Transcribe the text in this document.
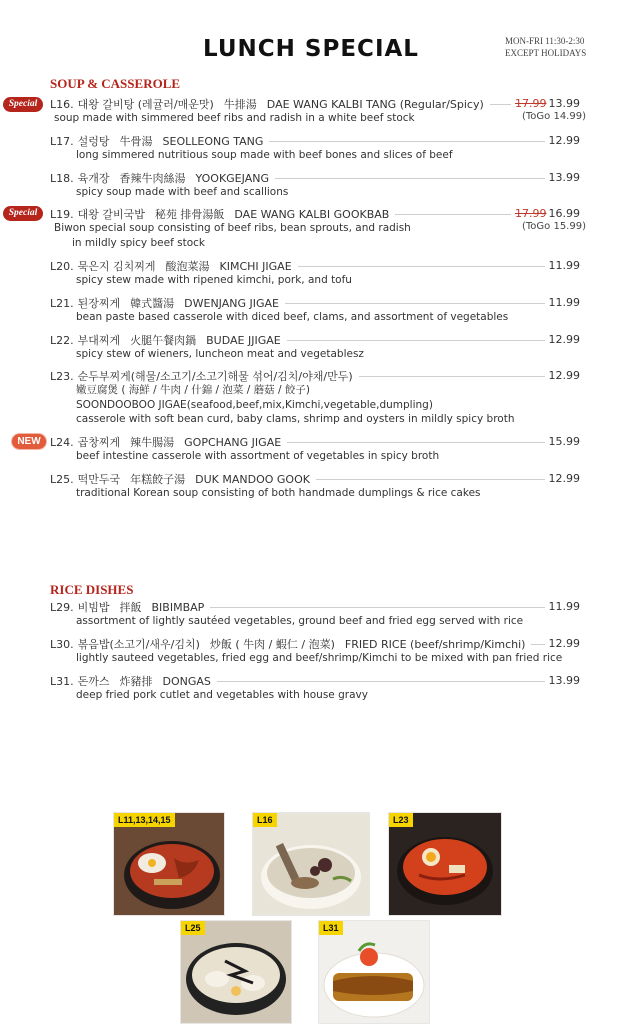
LUNCH SPECIAL	MON-FRI 11:30-2:30
EXCEPT HOLIDAYS
SOUP & CASSEROLE
Special
Special
NEW
L16. 대왕 갈비탕 (레귤러/매운맛) 牛排湯 DAE WANG KALBI TANG (Regular/Spicy)	17.99 13.99
(ToGo 14.99)
soup made with simmered beef ribs and radish in a white beef stock
L17. 설렁탕 牛骨湯 SEOLLEONG TANG	12.99
long simmered nutritious soup made with beef bones and slices of beef
L18. 육개장 香辣牛肉絲湯 YOOKGEJANG	13.99
spicy soup made with beef and scallions
L19. 대왕 갈비국밥 秘苑 排骨湯飯 DAE WANG KALBI GOOKBAB	17.99 16.99
(ToGo 15.99)
Biwon special soup consisting of beef ribs, bean sprouts, and radish
in mildly spicy beef stock
L20. 묵은지 김치찌게 酸泡菜湯 KIMCHI JIGAE	11.99
spicy stew made with ripened kimchi, pork, and tofu
L21. 된장찌게 韓式醬湯 DWENJANG JIGAE	11.99
bean paste based casserole with diced beef, clams, and assortment of vegetables
L22. 부대찌게 火腿午餐肉鍋 BUDAE JJIGAE	12.99
spicy stew of wieners, luncheon meat and vegetablesz
L23. 순두부찌게(해물/소고기/소고기해물 섞어/김치/야채/만두)	12.99
嫩豆腐煲 ( 海鮮 / 牛肉 / 什錦 / 泡菜 / 蘑菇 / 餃子)
SOONDOOBOO JIGAE(seafood,beef,mix,Kimchi,vegetable,dumpling)
casserole with soft bean curd, baby clams, shrimp and oysters in mildly spicy broth
L24. 곱창찌게 辣牛腸湯 GOPCHANG JIGAE	15.99
beef intestine casserole with assortment of vegetables in spicy broth
L25. 떡만두국 年糕餃子湯 DUK MANDOO GOOK	12.99
traditional Korean soup consisting of both handmade dumplings & rice cakes
RICE DISHES
L29. 비빔밥 拌飯 BIBIMBAP	11.99
assortment of lightly sautéed vegetables, ground beef and fried egg served with rice
L30. 볶음밥(소고기/새우/김치) 炒飯 ( 牛肉 / 蝦仁 / 泡菜) FRIED RICE (beef/shrimp/Kimchi) 12.99
lightly sauteed vegetables, fried egg and beef/shrimp/Kimchi to be mixed with pan fried rice
L31. 돈까스 炸豬排 DONGAS	13.99
deep fried pork cutlet and vegetables with house gravy
L11,13,14,15	L16	L23
L25	L31
